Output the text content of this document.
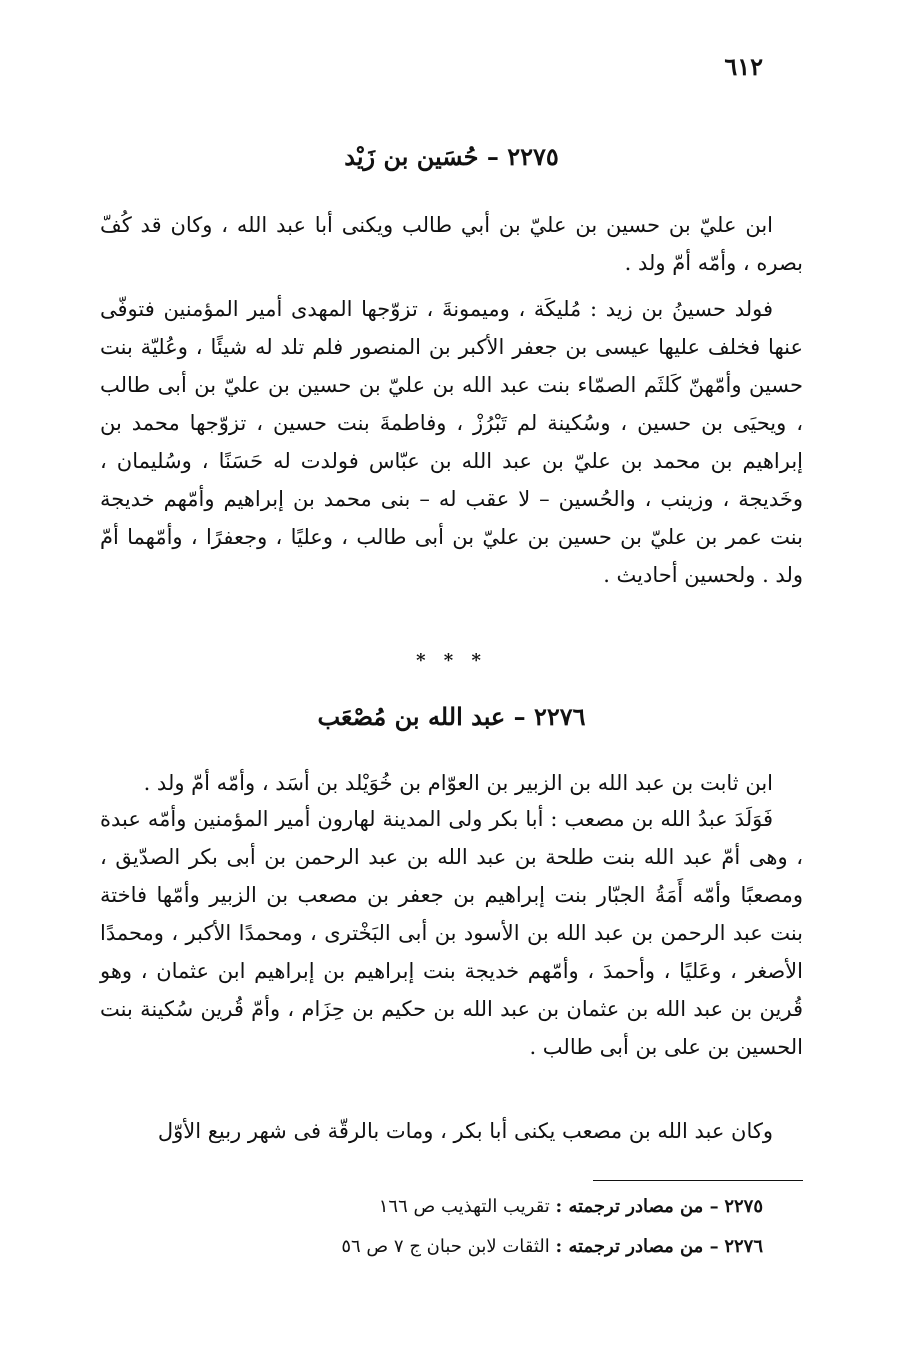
٦١٢
٢٢٧٥ – حُسَين بن زَيْد

ابن عليّ بن حسين بن عليّ بن أبي طالب ويكنى أبا عبد الله ، وكان قد كُفّ بصره ، وأمّه أمّ ولد .

فولد حسينُ بن زيد : مُليكَة ، وميمونةَ ، تزوّجها المهدى أمير المؤمنين فتوفّى عنها فخلف عليها عيسى بن جعفر الأكبر بن المنصور فلم تلد له شيئًا ، وعُليّة بنت حسين وأمّهنّ كَلثَم الصمّاء بنت عبد الله بن عليّ بن حسين بن عليّ بن أبى طالب ، ويحيَى بن حسين ، وسُكينة لم تَبْرُزْ ، وفاطمةَ بنت حسين ، تزوّجها محمد بن إبراهيم بن محمد بن عليّ بن عبد الله بن عبّاس فولدت له حَسَنًا ، وسُليمان ، وخَديجة ، وزينب ، والحُسين – لا عقب له – بنى محمد بن إبراهيم وأمّهم خديجة بنت عمر بن عليّ بن حسين بن عليّ بن أبى طالب ، وعليًا ، وجعفرًا ، وأمّهما أمّ ولد . ولحسين أحاديث .

* * *
٢٢٧٦ – عبد الله بن مُصْعَب

ابن ثابت بن عبد الله بن الزبير بن العوّام بن خُوَيْلد بن أسَد ، وأمّه أمّ ولد .

فَوَلَدَ عبدُ الله بن مصعب : أبا بكر ولى المدينة لهارون أمير المؤمنين وأمّه عبدة ، وهى أمّ عبد الله بنت طلحة بن عبد الله بن عبد الرحمن بن أبى بكر الصدّيق ، ومصعبًا وأمّه أَمَةُ الجبّار بنت إبراهيم بن جعفر بن مصعب بن الزبير وأمّها فاختة بنت عبد الرحمن بن عبد الله بن الأسود بن أبى البَخْترى ، ومحمدًا الأكبر ، ومحمدًا الأصغر ، وعَليًا ، وأحمدَ ، وأمّهم خديجة بنت إبراهيم بن إبراهيم ابن عثمان ، وهو قُرين بن عبد الله بن عثمان بن عبد الله بن حكيم بن حِزَام ، وأمّ قُرين سُكينة بنت الحسين بن على بن أبى طالب .

وكان عبد الله بن مصعب يكنى أبا بكر ، ومات بالرقّة فى شهر ربيع الأوّل

٢٢٧٥ – من مصادر ترجمته : تقريب التهذيب ص ١٦٦
٢٢٧٦ – من مصادر ترجمته : الثقات لابن حبان ج ٧ ص ٥٦
